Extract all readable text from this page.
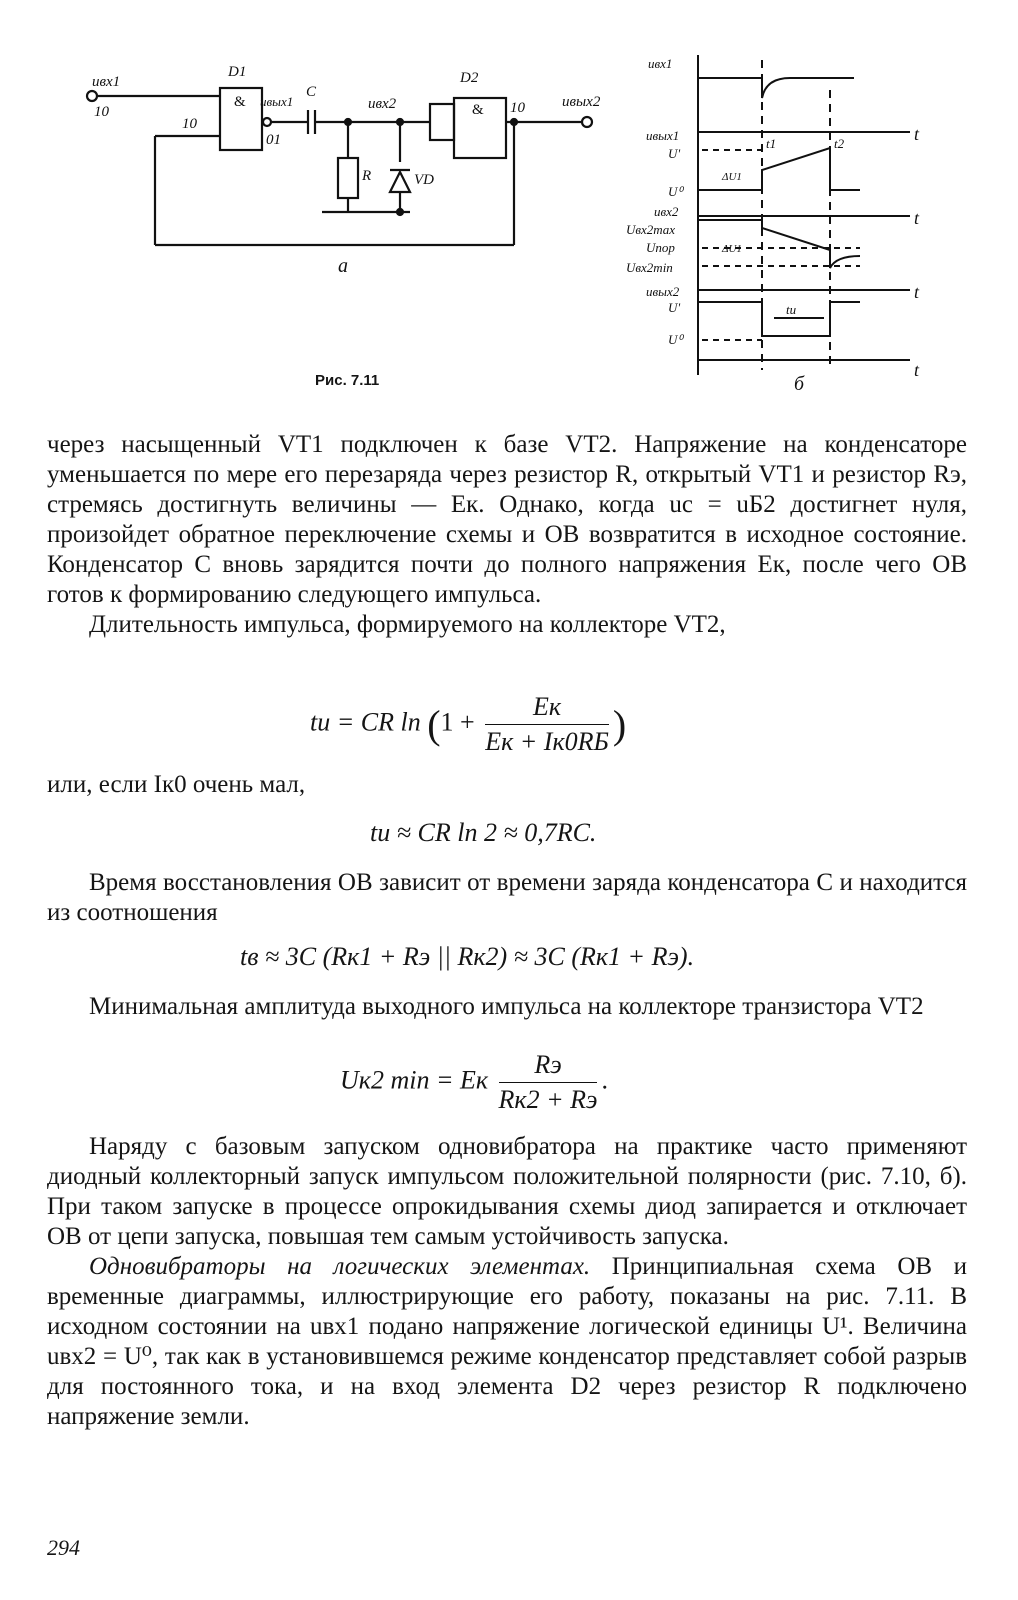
uвх1
10
D1
&
10
uвых1
01
C
uвх2
R	VD
D2
& 10 uвых2
a
uвх1
uвых1
U'
U⁰
ΔU1
t1	t2
uвх2
Uвх2max
Uпор
Uвх2min
ΔU1
uвых2
U'
U⁰
tu
t
t
t
t
б
Рис. 7.11

через насыщенный VT1 подключен к базе VT2. Напряжение на конденсаторе уменьшается по мере его перезаряда через резистор R, открытый VT1 и резистор Rэ, стремясь достигнуть величины — Eк. Однако, когда uс = uБ2 достигнет нуля, произойдет обратное переключение схемы и ОВ возвратится в исходное состояние. Конденсатор C вновь зарядится почти до полного напряжения Eк, после чего ОВ готов к формированию следующего импульса.

Длительность импульса, формируемого на коллекторе VT2,

tи = CR $\ln (1 + \frac{Eк}{Eк + Iк0RБ}$ )

или, если Iк0 очень мал,

tи ≈ CR ln 2 ≈ 0,7RC.

Время восстановления ОВ зависит от времени заряда конденсатора C и находится из соотношения

tв ≈ 3C (Rк1 + Rэ || Rк2) ≈ 3C (Rк1 + Rэ).

Минимальная амплитуда выходного импульса на коллекторе транзистора VT2

Uк2 min = Eк $\frac{Rэ}{Rк2 + Rэ}$ .

Наряду с базовым запуском одновибратора на практике часто применяют диодный коллекторный запуск импульсом положительной полярности (рис. 7.10, б). При таком запуске в процессе опрокидывания схемы диод запирается и отключает ОВ от цепи запуска, повышая тем самым устойчивость запуска.

Одновибраторы на логических элементах. Принципиальная схема ОВ и временные диаграммы, иллюстрирующие его работу, показаны на рис. 7.11. В исходном состоянии на uвх1 подано напряжение логической единицы U¹. Величина uвх2 = U⁰, так как в установившемся режиме конденсатор представляет собой разрыв для постоянного тока, и на вход элемента D2 через резистор R подключено напряжение земли.

294
